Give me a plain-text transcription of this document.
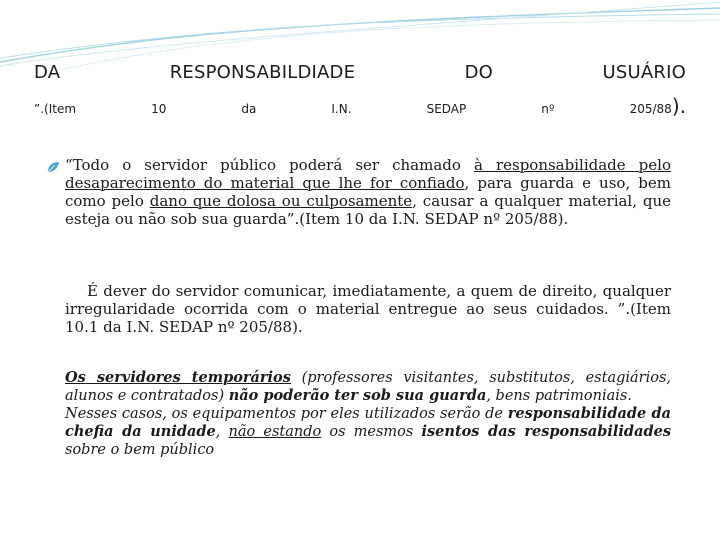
DA	RESPONSABILDIADE	DO	USUÁRIO
”.(Item	10	da	I.N.	SEDAP	nº	205/88).

“Todo o servidor público poderá ser chamado à responsabilidade pelo desaparecimento do material que lhe for confiado, para guarda e uso, bem como pelo dano que dolosa ou culposamente, causar a qualquer material, que esteja ou não sob sua guarda”.(Item 10 da I.N. SEDAP nº 205/88).

É dever do servidor comunicar, imediatamente, a quem de direito, qualquer irregularidade ocorrida com o material entregue ao seus cuidados. ”.(Item 10.1 da I.N. SEDAP nº 205/88).

Os servidores temporários (professores visitantes, substitutos, estagiários, alunos e contratados) não poderão ter sob sua guarda, bens patrimoniais.
Nesses casos, os equipamentos por eles utilizados serão de responsabilidade da chefia da unidade, não estando os mesmos isentos das responsabilidades sobre o bem público
